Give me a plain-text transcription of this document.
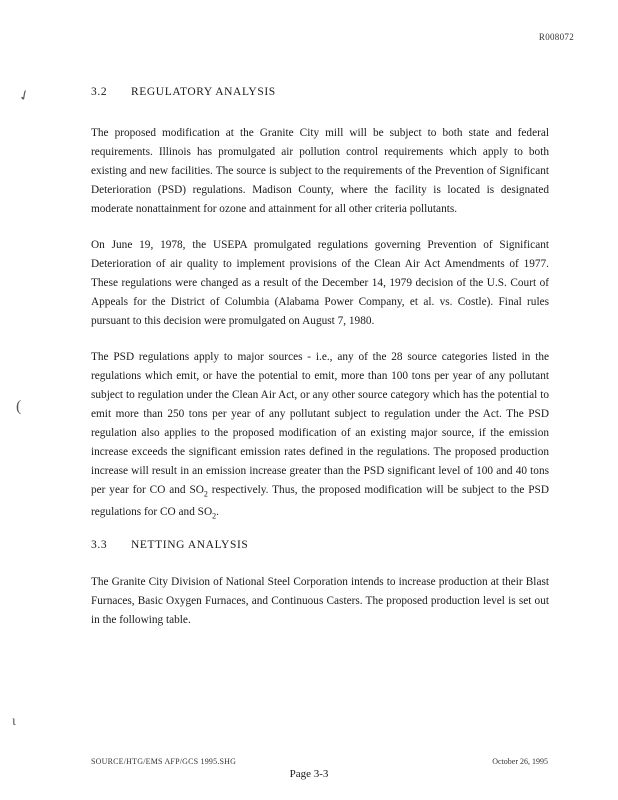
R008072
✓
(
ɩ
3.2 REGULATORY ANALYSIS

The proposed modification at the Granite City mill will be subject to both state and federal requirements. Illinois has promulgated air pollution control requirements which apply to both existing and new facilities. The source is subject to the requirements of the Prevention of Significant Deterioration (PSD) regulations. Madison County, where the facility is located is designated moderate nonattainment for ozone and attainment for all other criteria pollutants.

On June 19, 1978, the USEPA promulgated regulations governing Prevention of Significant Deterioration of air quality to implement provisions of the Clean Air Act Amendments of 1977. These regulations were changed as a result of the December 14, 1979 decision of the U.S. Court of Appeals for the District of Columbia (Alabama Power Company, et al. vs. Costle). Final rules pursuant to this decision were promulgated on August 7, 1980.

The PSD regulations apply to major sources - i.e., any of the 28 source categories listed in the regulations which emit, or have the potential to emit, more than 100 tons per year of any pollutant subject to regulation under the Clean Air Act, or any other source category which has the potential to emit more than 250 tons per year of any pollutant subject to regulation under the Act. The PSD regulation also applies to the proposed modification of an existing major source, if the emission increase exceeds the significant emission rates defined in the regulations. The proposed production increase will result in an emission increase greater than the PSD significant level of 100 and 40 tons per year for CO and $SO_2$ respectively. Thus, the proposed modification will be subject to the PSD regulations for CO and $SO_2$.

3.3 NETTING ANALYSIS

The Granite City Division of National Steel Corporation intends to increase production at their Blast Furnaces, Basic Oxygen Furnaces, and Continuous Casters. The proposed production level is set out in the following table.

SOURCE/HTG/EMS AFP/GCS 1995.SHG	October 26, 1995
Page 3-3
